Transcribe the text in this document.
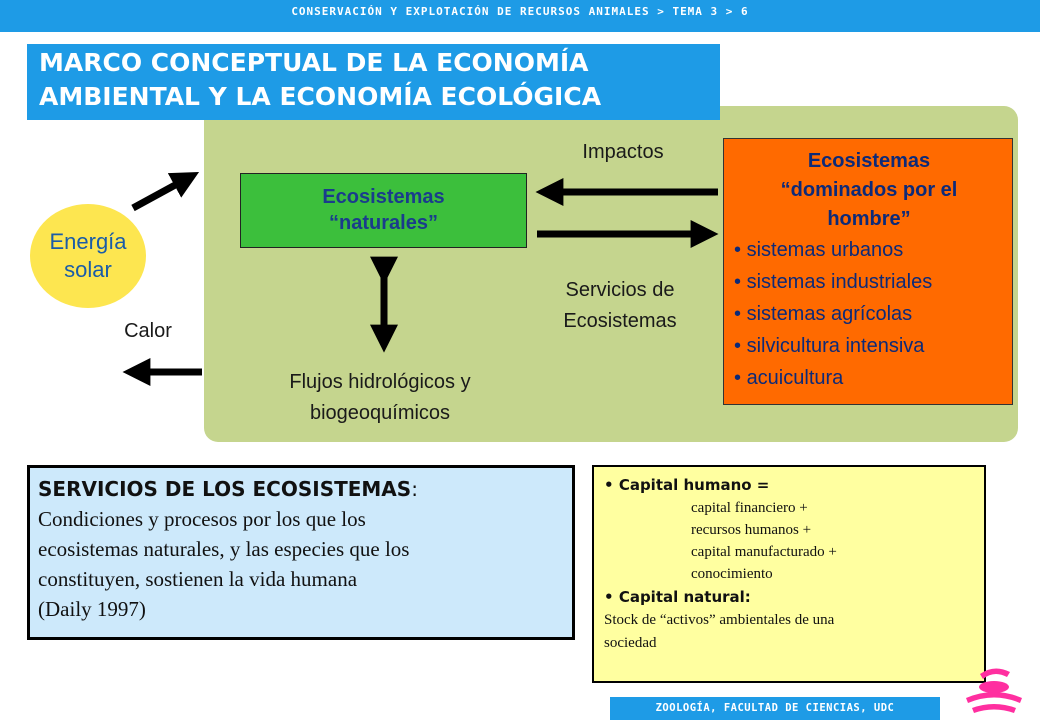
CONSERVACIÓN Y EXPLOTACIÓN DE RECURSOS ANIMALES > TEMA 3 > 6
MARCO CONCEPTUAL DE LA ECONOMÍA
AMBIENTAL Y LA ECONOMÍA ECOLÓGICA
Energía
solar
Calor
Ecosistemas
“naturales”
Impactos
Servicios de
Ecosistemas
Flujos hidrológicos y
biogeoquímicos
Ecosistemas
“dominados por el
hombre”
• sistemas urbanos
• sistemas industriales
• sistemas agrícolas
• silvicultura intensiva
• acuicultura
SERVICIOS DE LOS ECOSISTEMAS:
Condiciones y procesos por los que los
ecosistemas naturales, y las especies que los
constituyen, sostienen la vida humana
(Daily 1997)
• Capital humano =
capital financiero +
recursos humanos +
capital manufacturado +
conocimiento
• Capital natural:
Stock de “activos” ambientales de una
sociedad
ZOOLOGÍA, FACULTAD DE CIENCIAS, UDC
